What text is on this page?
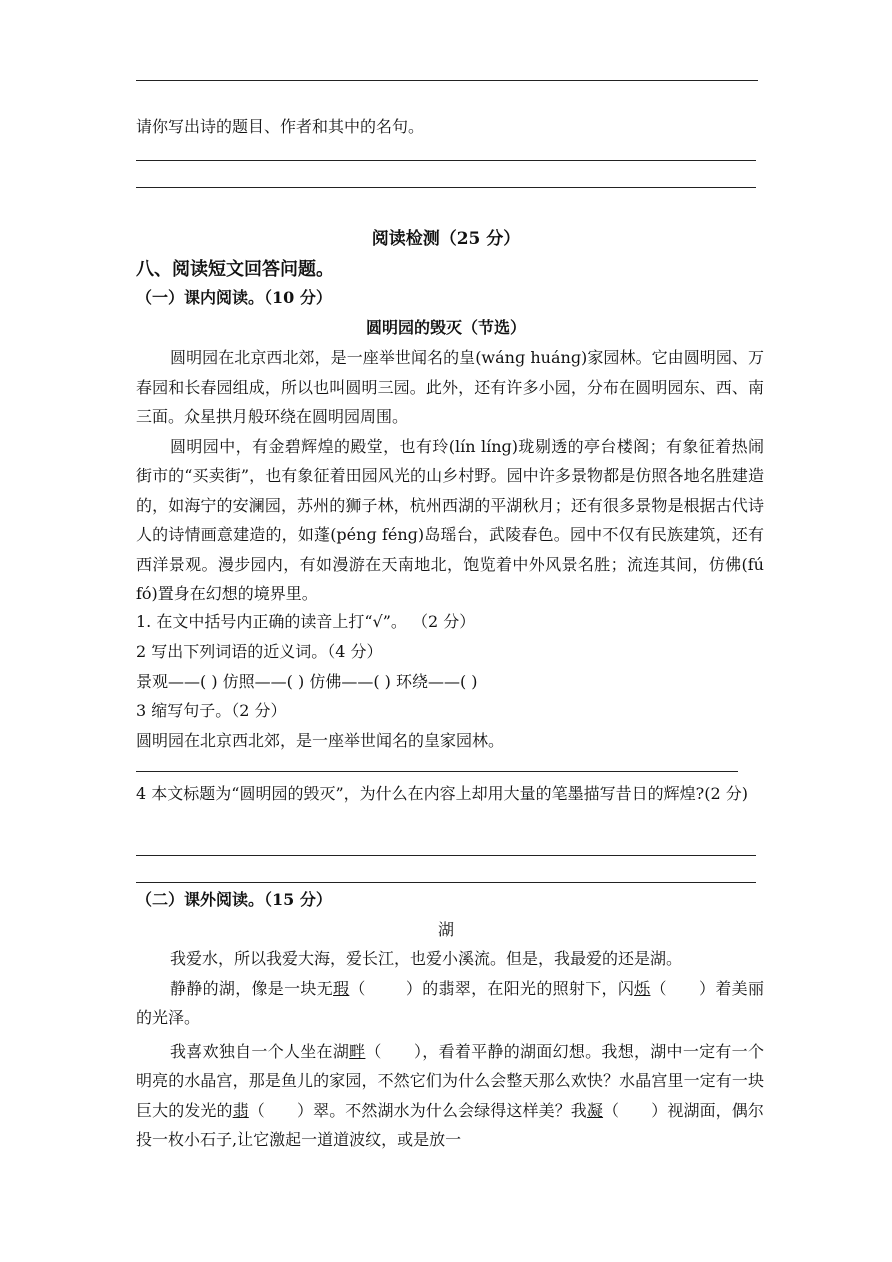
请你写出诗的题目、作者和其中的名句。
阅读检测（25 分）
八、阅读短文回答问题。
（一）课内阅读。（10 分）
圆明园的毁灭（节选）

圆明园在北京西北郊，是一座举世闻名的皇(wánɡ huánɡ)家园林。它由圆明园、万春园和长春园组成，所以也叫圆明三园。此外，还有许多小园，分布在圆明园东、西、南三面。众星拱月般环绕在圆明园周围。

圆明园中，有金碧辉煌的殿堂，也有玲(lín línɡ)珑剔透的亭台楼阁；有象征着热闹街市的“买卖街”，也有象征着田园风光的山乡村野。园中许多景物都是仿照各地名胜建造的，如海宁的安澜园，苏州的狮子林，杭州西湖的平湖秋月；还有很多景物是根据古代诗人的诗情画意建造的，如蓬(pénɡ fénɡ)岛瑶台，武陵春色。园中不仅有民族建筑，还有西洋景观。漫步园内，有如漫游在天南地北，饱览着中外风景名胜；流连其间，仿佛(fú fó)置身在幻想的境界里。

1. 在文中括号内正确的读音上打“√”。 （2 分）
2 写出下列词语的近义词。（4 分）
景观——( ) 仿照——( ) 仿佛——( ) 环绕——( )
3 缩写句子。（2 分）
圆明园在北京西北郊，是一座举世闻名的皇家园林。

4 本文标题为“圆明园的毁灭”，为什么在内容上却用大量的笔墨描写昔日的辉煌?(2 分)

（二）课外阅读。（15 分）
湖

我爱水，所以我爱大海，爱长江，也爱小溪流。但是，我最爱的还是湖。

静静的湖，像是一块无瑕（	）的翡翠，在阳光的照射下，闪烁（ ）着美丽的光泽。

我喜欢独自一个人坐在湖畔（ ），看着平静的湖面幻想。我想，湖中一定有一个明亮的水晶宫，那是鱼儿的家园，不然它们为什么会整天那么欢快？水晶宫里一定有一块巨大的发光的翡（ ）翠。不然湖水为什么会绿得这样美？我凝（ ）视湖面，偶尔投一枚小石子,让它激起一道道波纹，或是放一
